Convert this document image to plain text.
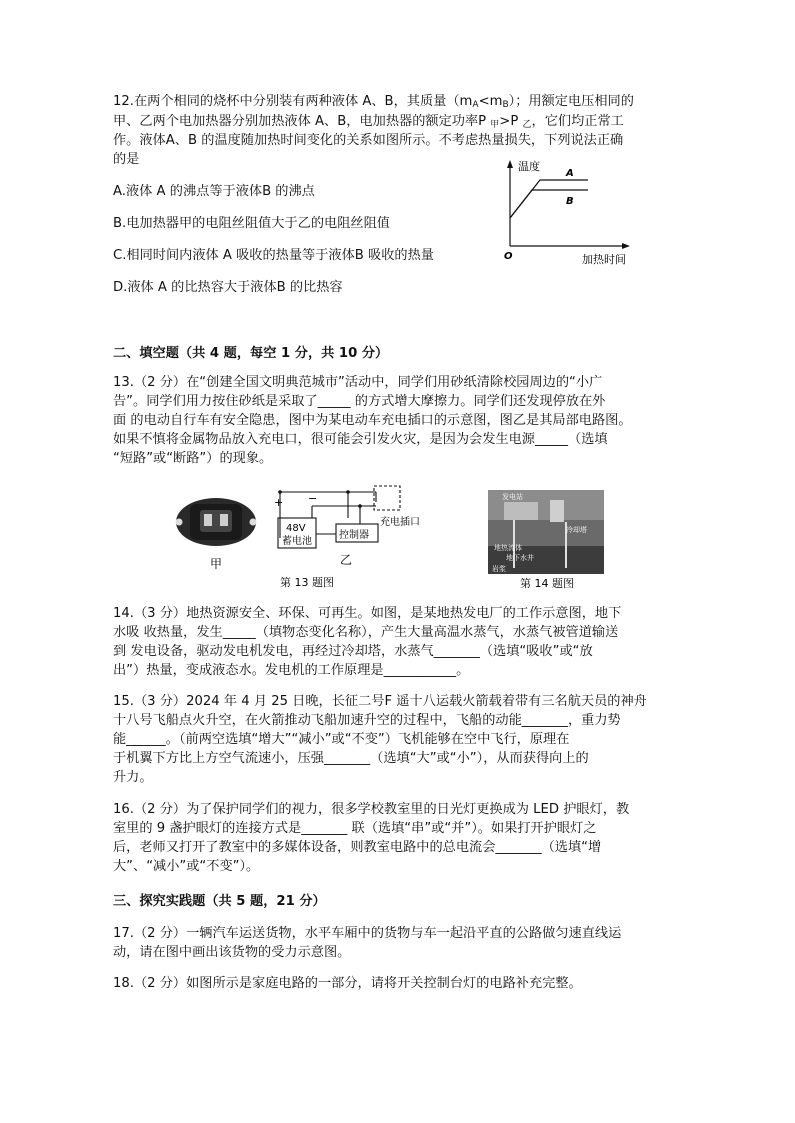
12.在两个相同的烧杯中分别装有两种液体 A、B，其质量$(m_A<m_B)$；用额定电压相同的
甲、乙两个电加热器分别加热液体 A、B，电加热器的额定功率P $_甲$>P $_乙$，它们均正常工
作。液体A、B 的温度随加热时间变化的关系如图所示。不考虑热量损失，下列说法正确
的是
A.液体 A 的沸点等于液体B 的沸点
B.电加热器甲的电阻丝阻值大于乙的电阻丝阻值
C.相同时间内液体 A 吸收的热量等于液体B 吸收的热量
D.液体 A 的比热容大于液体B 的比热容
温度
A
B
O	加热时间
二、填空题（共 4 题，每空 1 分，共 10 分）
13.（2 分）在“创建全国文明典范城市”活动中，同学们用砂纸清除校园周边的“小广
告”。同学们用力按住砂纸是采取了_____ 的方式增大摩擦力。同学们还发现停放在外
面 的电动自行车有安全隐患，图中为某电动车充电插口的示意图，图乙是其局部电路图。
如果不慎将金属物品放入充电口，很可能会引发火灾，是因为会发生电源_____（选填
“短路”或“断路”）的现象。
甲
+ −
48V
蓄电池
控制器
充电插口
乙
第 13 题图
发电站
冷却塔
地热流体
地下水井
岩浆
第 14 题图
14.（3 分）地热资源安全、环保、可再生。如图，是某地热发电厂的工作示意图，地下
水吸 收热量，发生_____（填物态变化名称），产生大量高温水蒸气，水蒸气被管道输送
到 发电设备，驱动发电机发电，再经过冷却塔，水蒸气_______（选填“吸收”或“放
出”）热量，变成液态水。发电机的工作原理是___________。
15.（3 分）2024 年 4 月 25 日晚，长征二号F 遥十八运载火箭载着带有三名航天员的神舟
十八号飞船点火升空，在火箭推动飞船加速升空的过程中，飞船的动能_______，重力势
能______。（前两空选填“增大”“减小”或“不变”）飞机能够在空中飞行，原理在
于机翼下方比上方空气流速小，压强_______（选填“大”或“小”），从而获得向上的
升力。
16.（2 分）为了保护同学们的视力，很多学校教室里的日光灯更换成为 LED 护眼灯，教
室里的 9 盏护眼灯的连接方式是_______ 联（选填“串”或“并”）。如果打开护眼灯之
后，老师又打开了教室中的多媒体设备，则教室电路中的总电流会_______（选填“增
大”、“减小”或“不变”）。
三、探究实践题（共 5 题，21 分）
17.（2 分）一辆汽车运送货物，水平车厢中的货物与车一起沿平直的公路做匀速直线运
动，请在图中画出该货物的受力示意图。
18.（2 分）如图所示是家庭电路的一部分，请将开关控制台灯的电路补充完整。
